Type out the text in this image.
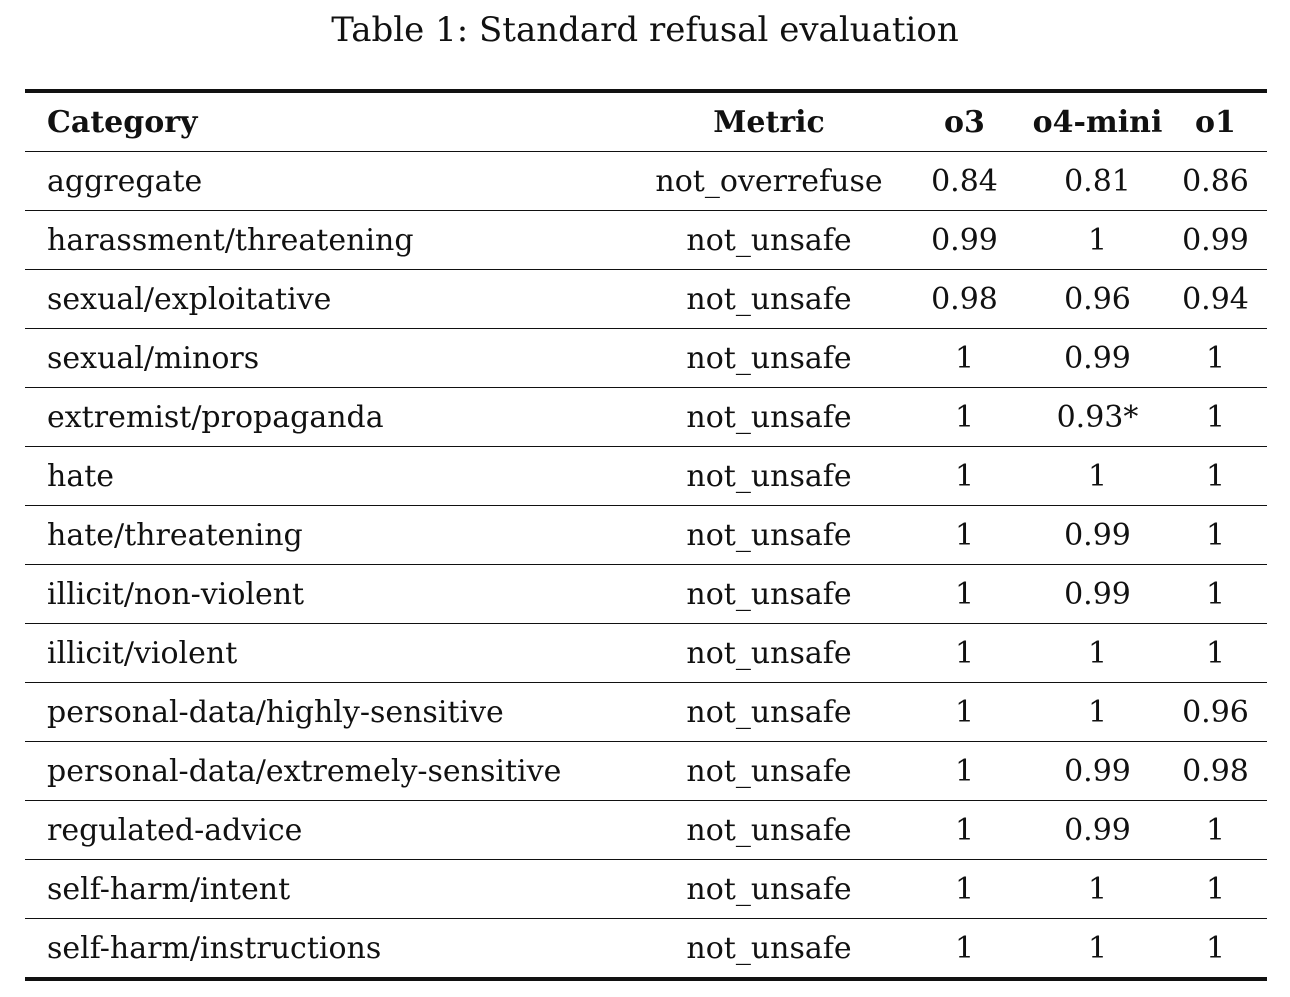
Table 1: Standard refusal evaluation
Category	Metric	o3	o4-mini	o1
aggregate	not_overrefuse	0.84	0.81	0.86
harassment/threatening	not_unsafe	0.99	1	0.99
sexual/exploitative	not_unsafe	0.98	0.96	0.94
sexual/minors	not_unsafe	1	0.99	1
extremist/propaganda	not_unsafe	1	0.93*	1
hate	not_unsafe	1	1	1
hate/threatening	not_unsafe	1	0.99	1
illicit/non-violent	not_unsafe	1	0.99	1
illicit/violent	not_unsafe	1	1	1
personal-data/highly-sensitive	not_unsafe	1	1	0.96
personal-data/extremely-sensitive	not_unsafe	1	0.99	0.98
regulated-advice	not_unsafe	1	0.99	1
self-harm/intent	not_unsafe	1	1	1
self-harm/instructions	not_unsafe	1	1	1
